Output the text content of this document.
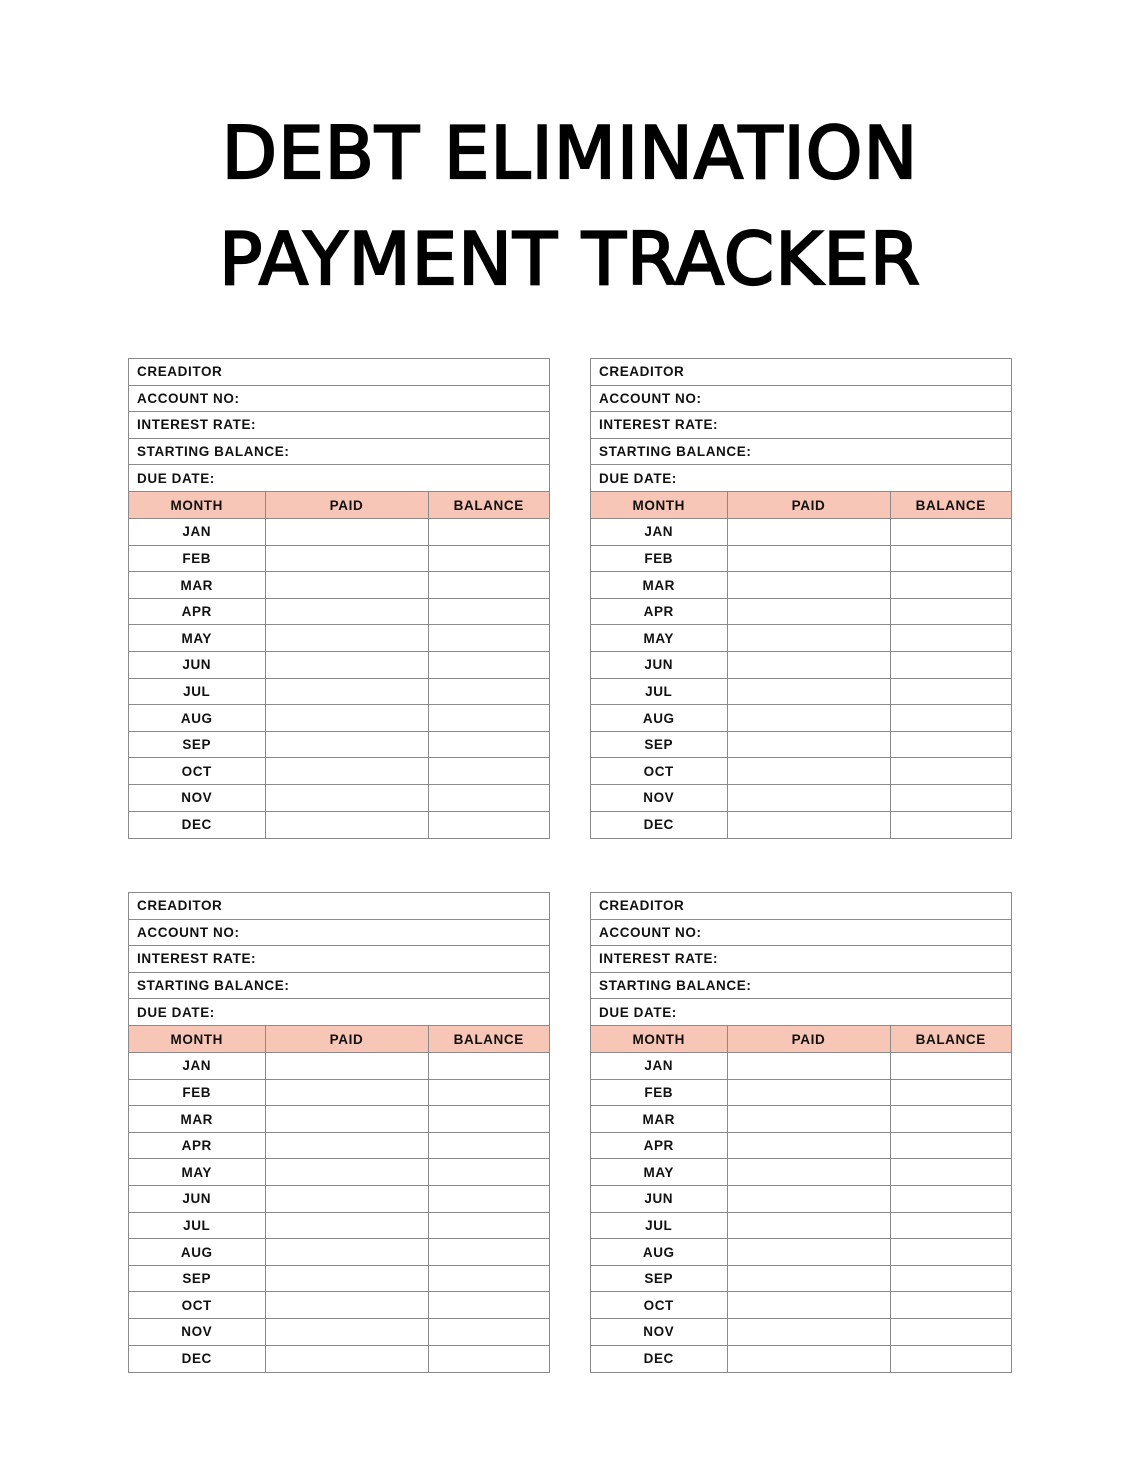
DEBT ELIMINATION
PAYMENT TRACKER
CREADITOR
ACCOUNT NO:
INTEREST RATE:
STARTING BALANCE:
DUE DATE:
MONTH	PAID	BALANCE
JAN		
FEB		
MAR		
APR		
MAY		
JUN		
JUL		
AUG		
SEP		
OCT		
NOV		
DEC		
CREADITOR
ACCOUNT NO:
INTEREST RATE:
STARTING BALANCE:
DUE DATE:
MONTH	PAID	BALANCE
JAN		
FEB		
MAR		
APR		
MAY		
JUN		
JUL		
AUG		
SEP		
OCT		
NOV		
DEC		
CREADITOR
ACCOUNT NO:
INTEREST RATE:
STARTING BALANCE:
DUE DATE:
MONTH	PAID	BALANCE
JAN		
FEB		
MAR		
APR		
MAY		
JUN		
JUL		
AUG		
SEP		
OCT		
NOV		
DEC		
CREADITOR
ACCOUNT NO:
INTEREST RATE:
STARTING BALANCE:
DUE DATE:
MONTH	PAID	BALANCE
JAN		
FEB		
MAR		
APR		
MAY		
JUN		
JUL		
AUG		
SEP		
OCT		
NOV		
DEC		
